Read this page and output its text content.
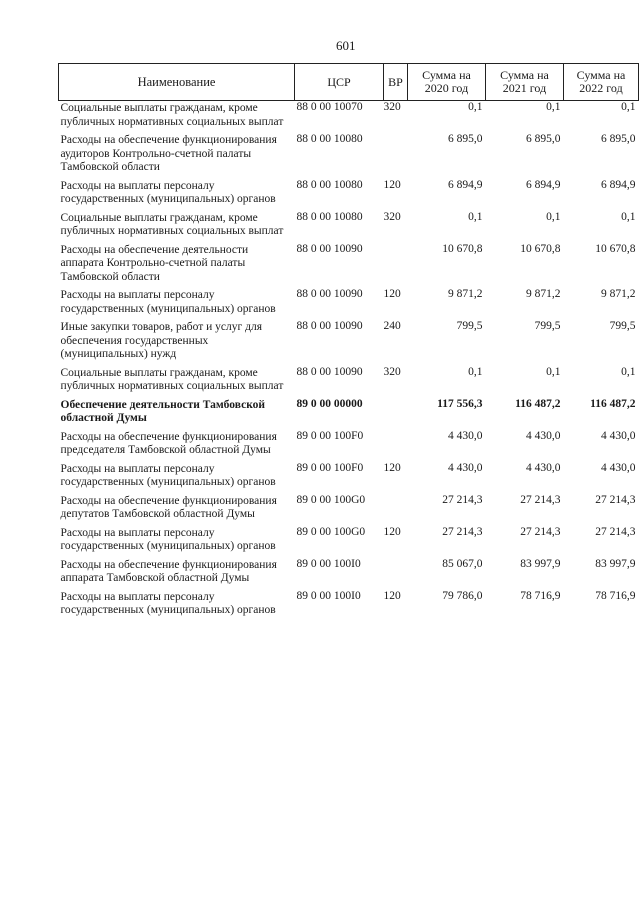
601
Наименование	ЦСР	ВР	Сумма на 2020 год	Сумма на 2021 год	Сумма на 2022 год
Социальные выплаты гражданам, кроме публичных нормативных социальных выплат	88 0 00 10070	320	0,1	0,1	0,1
Расходы на обеспечение функционирования аудиторов Контрольно-счетной палаты Тамбовской области	88 0 00 10080		6 895,0	6 895,0	6 895,0
Расходы на выплаты персоналу государственных (муниципальных) органов	88 0 00 10080	120	6 894,9	6 894,9	6 894,9
Социальные выплаты гражданам, кроме публичных нормативных социальных выплат	88 0 00 10080	320	0,1	0,1	0,1
Расходы на обеспечение деятельности аппарата Контрольно-счетной палаты Тамбовской области	88 0 00 10090		10 670,8	10 670,8	10 670,8
Расходы на выплаты персоналу государственных (муниципальных) органов	88 0 00 10090	120	9 871,2	9 871,2	9 871,2
Иные закупки товаров, работ и услуг для обеспечения государственных (муниципальных) нужд	88 0 00 10090	240	799,5	799,5	799,5
Социальные выплаты гражданам, кроме публичных нормативных социальных выплат	88 0 00 10090	320	0,1	0,1	0,1
Обеспечение деятельности Тамбовской областной Думы	89 0 00 00000		117 556,3	116 487,2	116 487,2
Расходы на обеспечение функционирования председателя Тамбовской областной Думы	89 0 00 100F0		4 430,0	4 430,0	4 430,0
Расходы на выплаты персоналу государственных (муниципальных) органов	89 0 00 100F0	120	4 430,0	4 430,0	4 430,0
Расходы на обеспечение функционирования депутатов Тамбовской областной Думы	89 0 00 100G0		27 214,3	27 214,3	27 214,3
Расходы на выплаты персоналу государственных (муниципальных) органов	89 0 00 100G0	120	27 214,3	27 214,3	27 214,3
Расходы на обеспечение функционирования аппарата Тамбовской областной Думы	89 0 00 100I0		85 067,0	83 997,9	83 997,9
Расходы на выплаты персоналу государственных (муниципальных) органов	89 0 00 100I0	120	79 786,0	78 716,9	78 716,9
